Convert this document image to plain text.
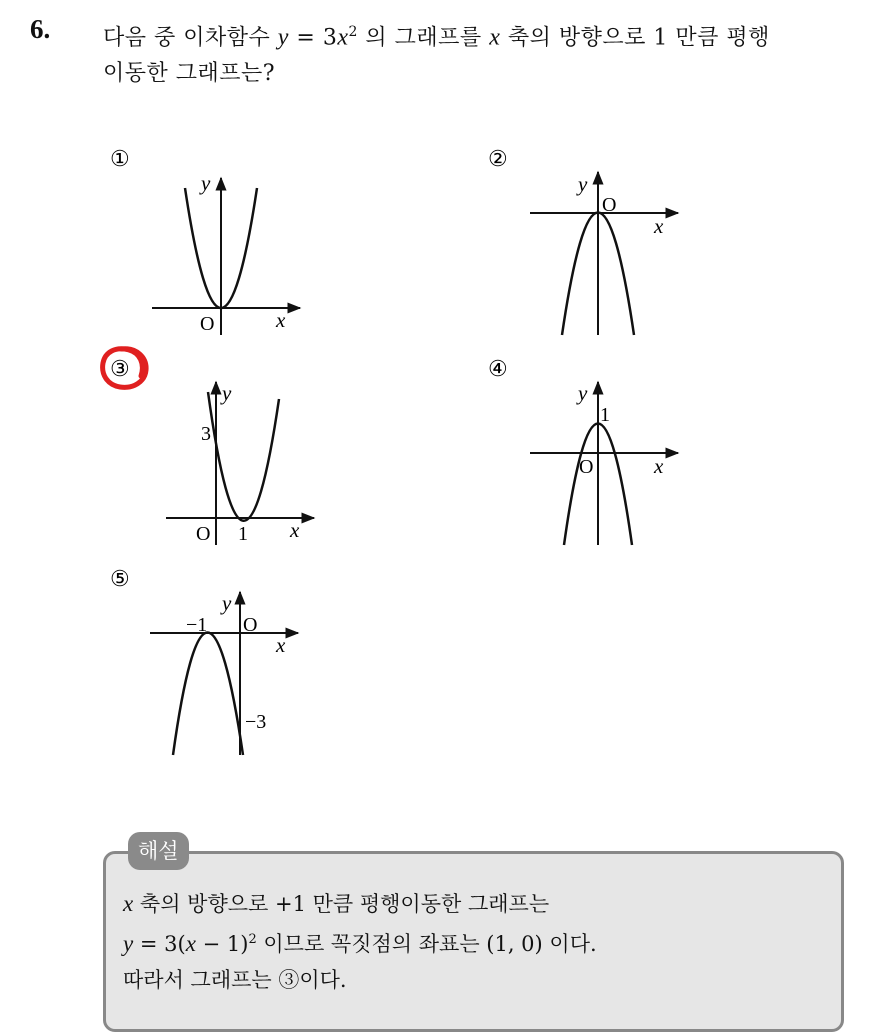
6. 다음 중 이차함수 $y = 3x^2$ 의 그래프를 x 축의 방향으로 1 만큼 평행
이동한 그래프는?
①
O	x
y
②
O
x
y
③
3
O 1 x
y
④
1
O	x
y
⑤
−1 O
x
y
−3
해설
x 축의 방향으로 +1 만큼 평행이동한 그래프는
$y = 3(x - 1)^2$ 이므로 꼭짓점의 좌표는 (1, 0) 이다.
따라서 그래프는 ③이다.
